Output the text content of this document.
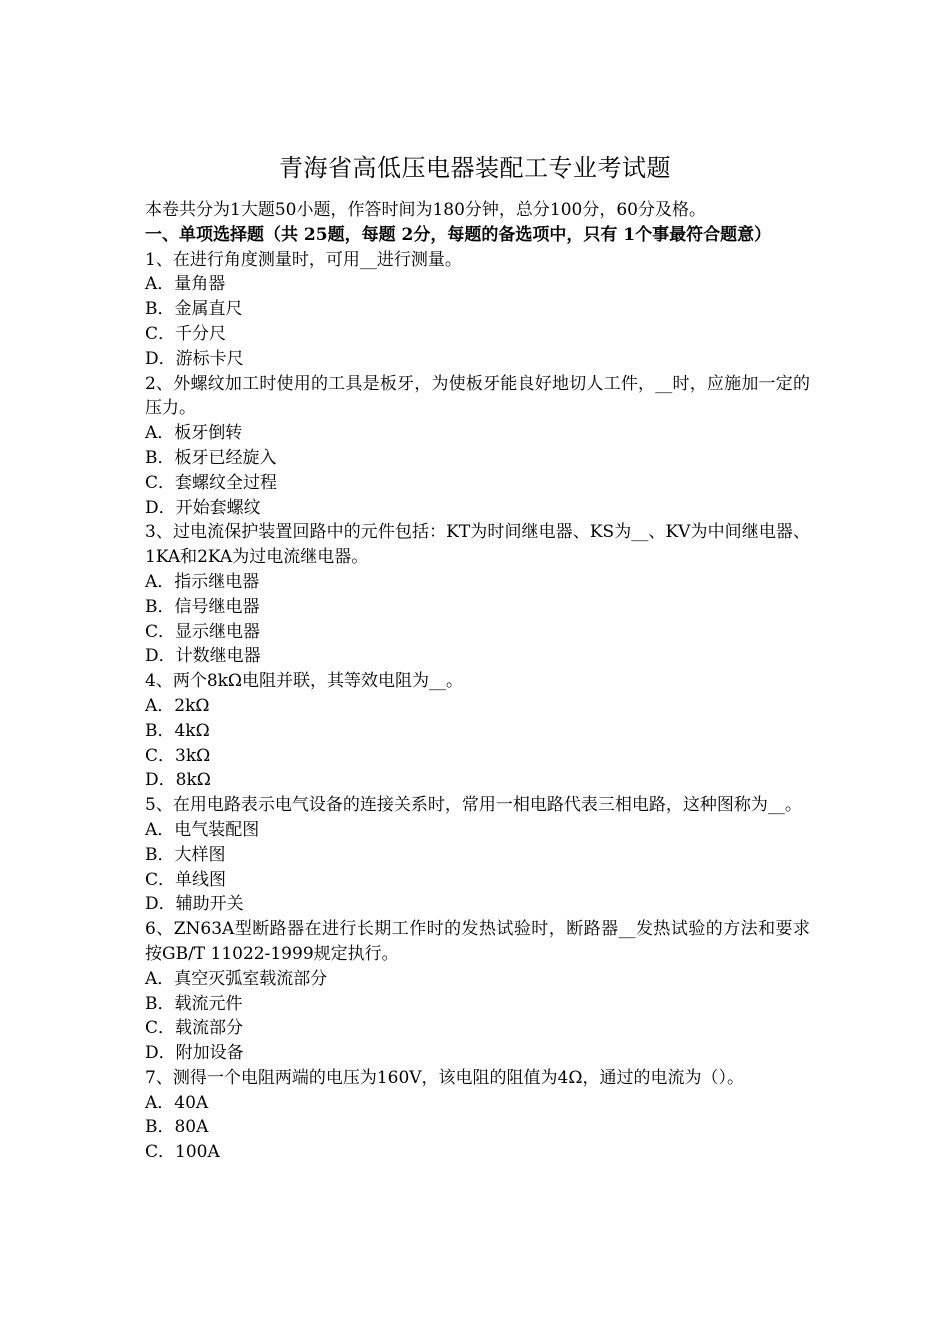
青海省高低压电器装配工专业考试题

本卷共分为1大题50小题，作答时间为180分钟，总分100分，60分及格。

一、单项选择题（共 25题，每题 2分，每题的备选项中，只有 1个事最符合题意）

1、在进行角度测量时，可用__进行测量。

A．量角器

B．金属直尺

C．千分尺

D．游标卡尺

2、外螺纹加工时使用的工具是板牙，为使板牙能良好地切人工件，__时，应施加一定的压力。

A．板牙倒转

B．板牙已经旋入

C．套螺纹全过程

D．开始套螺纹

3、过电流保护装置回路中的元件包括：KT为时间继电器、KS为__、KV为中间继电器、1KA和2KA为过电流继电器。

A．指示继电器

B．信号继电器

C．显示继电器

D．计数继电器

4、两个8kΩ电阻并联，其等效电阻为__。

A．2kΩ

B．4kΩ

C．3kΩ

D．8kΩ

5、在用电路表示电气设备的连接关系时，常用一相电路代表三相电路，这种图称为__。

A．电气装配图

B．大样图

C．单线图

D．辅助开关

6、ZN63A型断路器在进行长期工作时的发热试验时，断路器__发热试验的方法和要求按GB/T 11022-1999规定执行。

A．真空灭弧室载流部分

B．载流元件

C．载流部分

D．附加设备

7、测得一个电阻两端的电压为160V，该电阻的阻值为4Ω，通过的电流为（）。

A．40A

B．80A

C．100A
